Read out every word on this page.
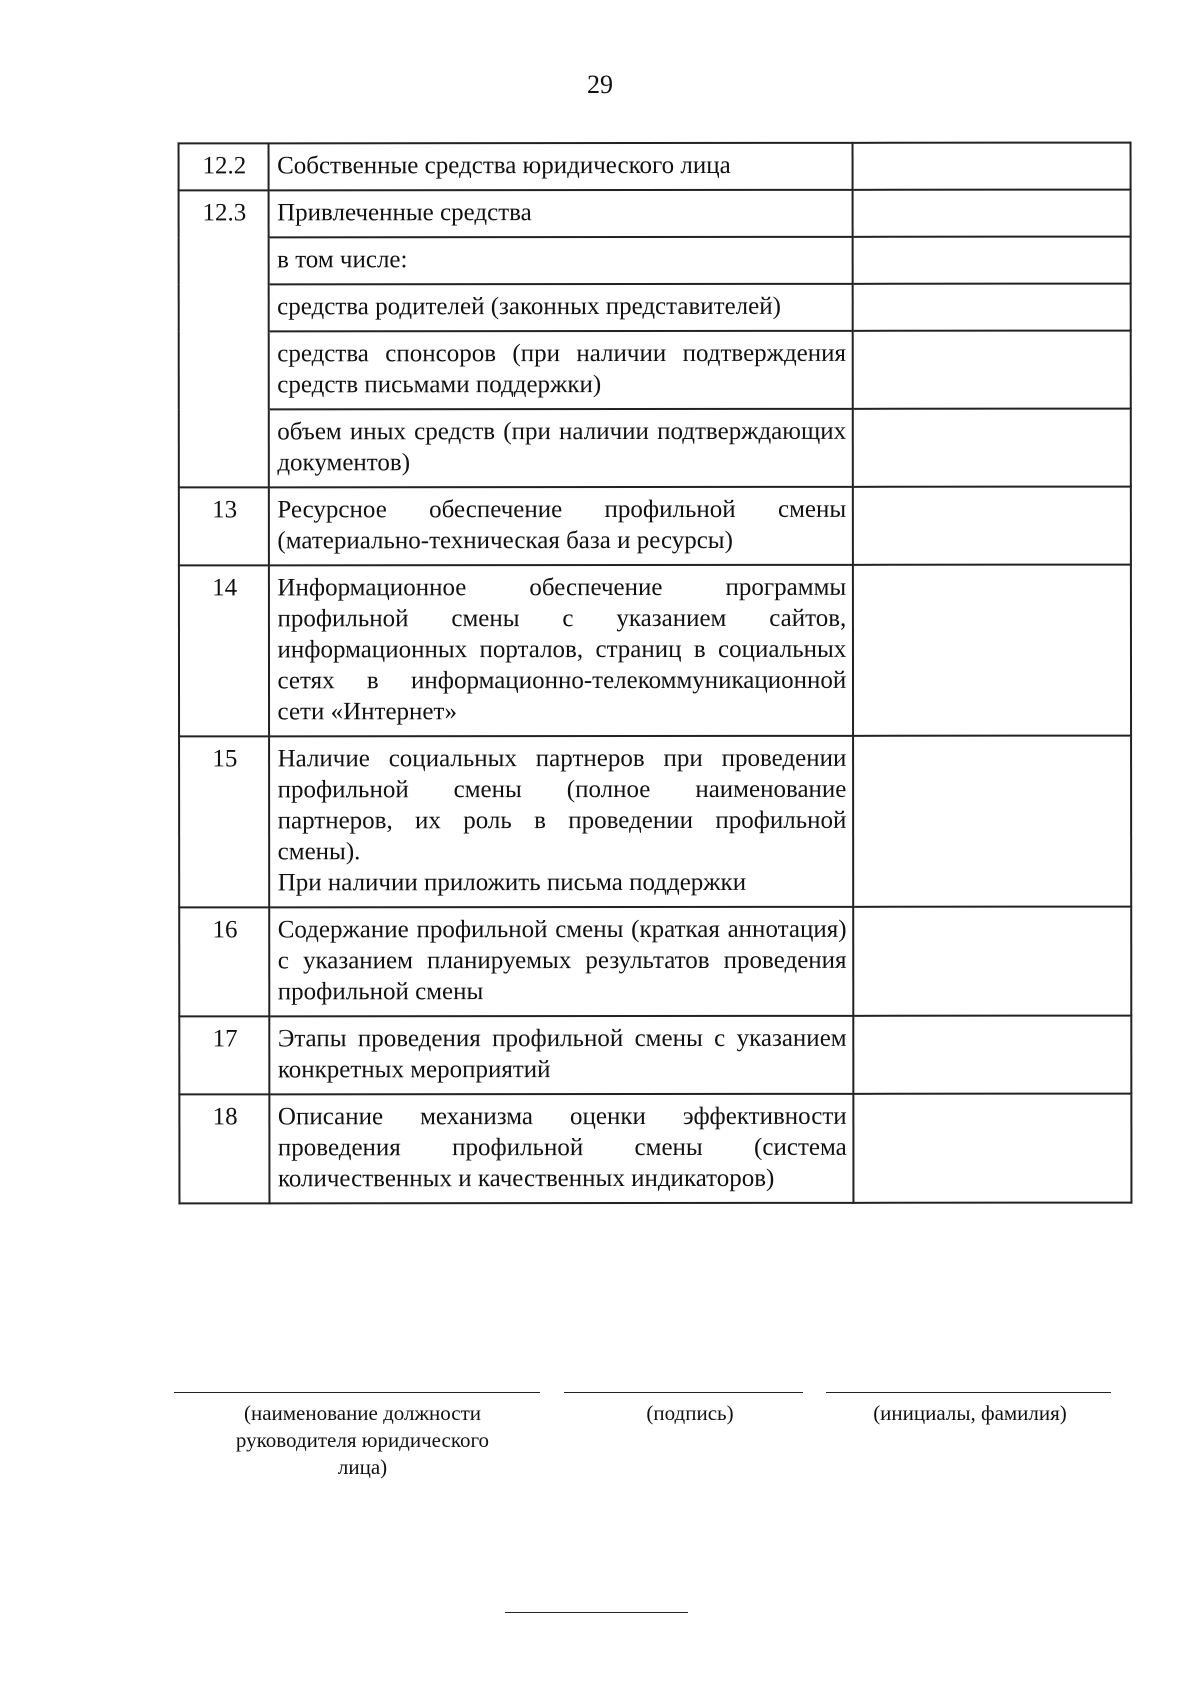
29
12.2	Собственные средства юридического лица	
12.3	Привлеченные средства	
	в том числе:	
	средства родителей (законных представителей)	
	средства спонсоров (при наличии подтверждения средств письмами поддержки)	
	объем иных средств (при наличии подтверждающих документов)	
13	Ресурсное обеспечение профильной смены (материально-техническая база и ресурсы)	
14	Информационное обеспечение программы профильной смены с указанием сайтов, информационных порталов, страниц в социальных сетях в информационно-телекоммуникационной сети «Интернет»	
15	Наличие социальных партнеров при проведении профильной смены (полное наименование партнеров, их роль в проведении профильной смены).
При наличии приложить письма поддержки	

16	Содержание профильной смены (краткая аннотация) с указанием планируемых результатов проведения профильной смены	
17	Этапы проведения профильной смены с указанием конкретных мероприятий	
18	Описание механизма оценки эффективности проведения профильной смены (система количественных и качественных индикаторов)	
(наименование должности руководителя юридического лица)
(подпись)	(инициалы, фамилия)
